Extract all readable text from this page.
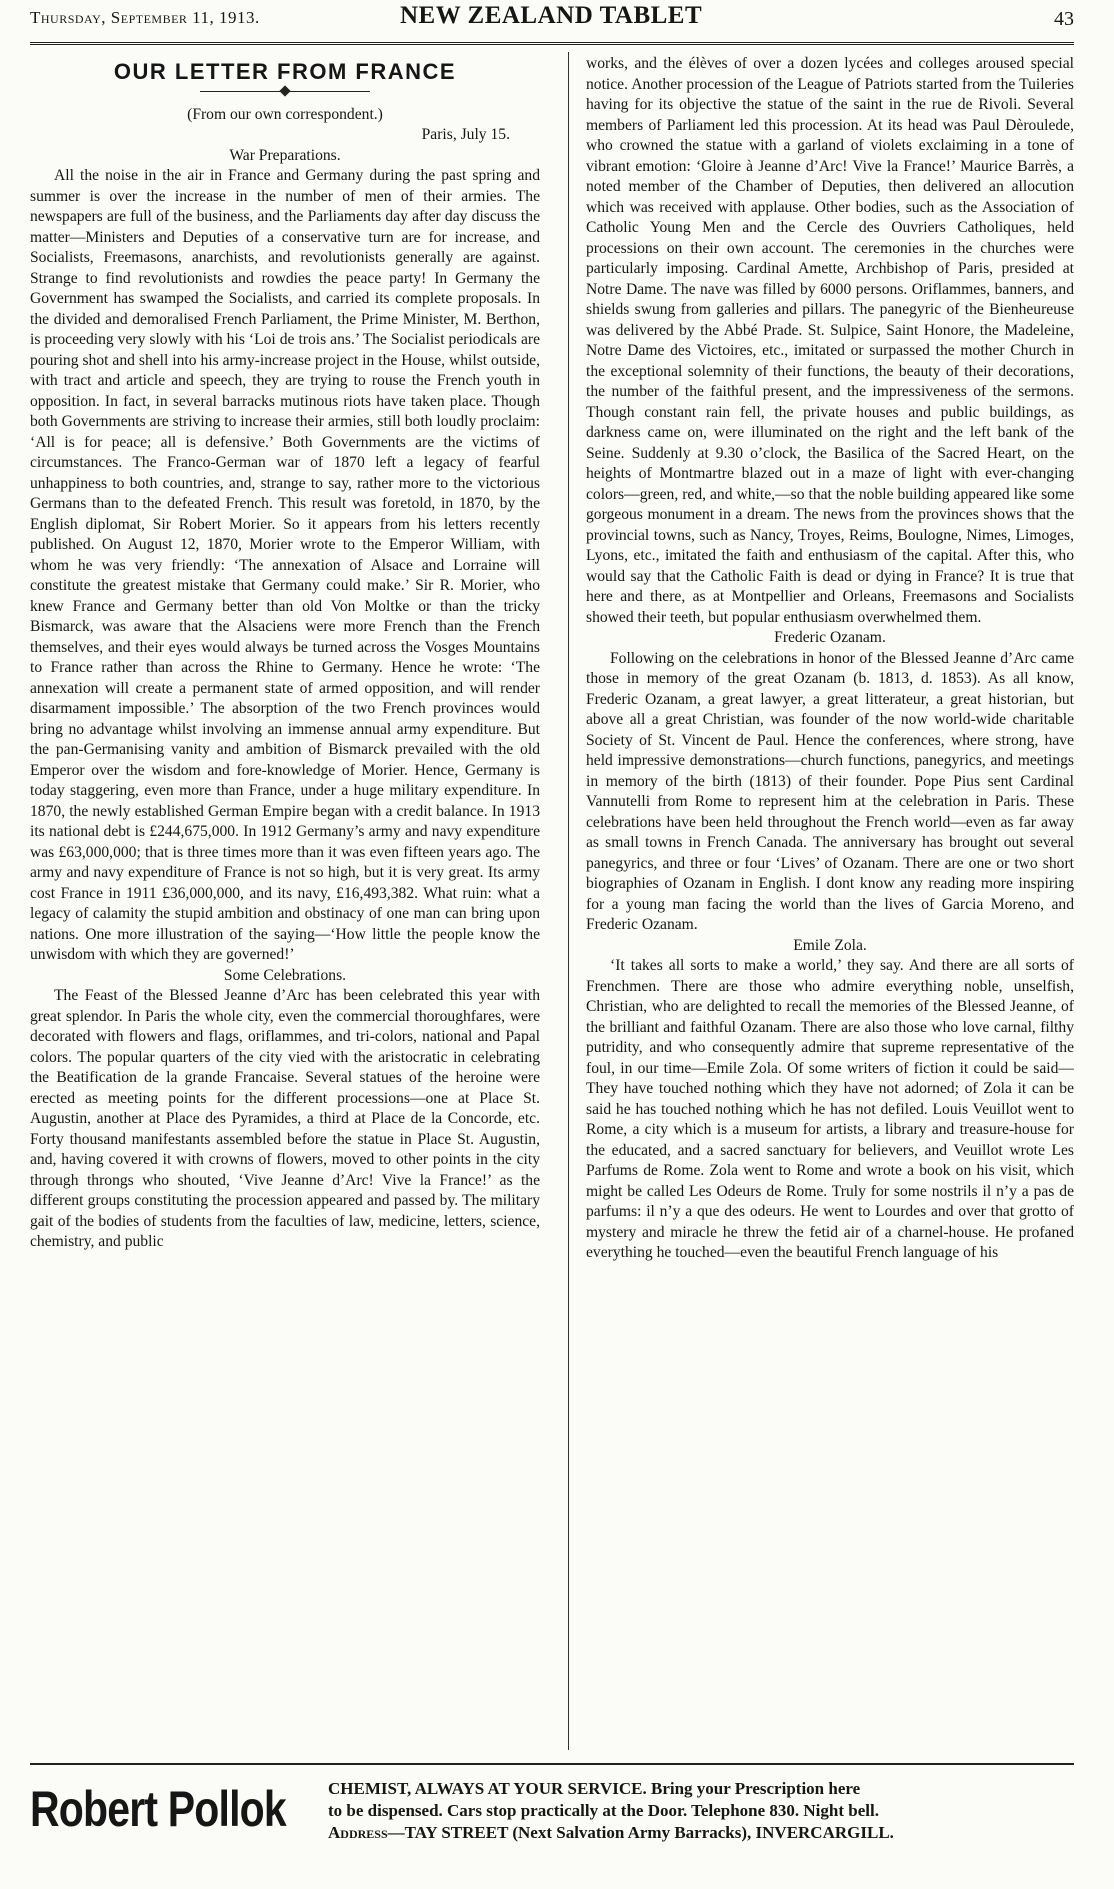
Thursday, September 11, 1913.	NEW ZEALAND TABLET	43
OUR LETTER FROM FRANCE

(From our own correspondent.)

Paris, July 15.

War Preparations.

All the noise in the air in France and Germany during the past spring and summer is over the increase in the number of men of their armies. The newspapers are full of the business, and the Parliaments day after day discuss the matter—Ministers and Deputies of a conservative turn are for increase, and Socialists, Freemasons, anarchists, and revolutionists generally are against. Strange to find revolutionists and rowdies the peace party! In Germany the Government has swamped the Socialists, and carried its complete proposals. In the divided and demoralised French Parliament, the Prime Minister, M. Berthon, is proceeding very slowly with his ‘Loi de trois ans.’ The Socialist periodicals are pouring shot and shell into his army-increase project in the House, whilst outside, with tract and article and speech, they are trying to rouse the French youth in opposition. In fact, in several barracks mutinous riots have taken place. Though both Governments are striving to increase their armies, still both loudly proclaim: ‘All is for peace; all is defensive.’ Both Governments are the victims of circumstances. The Franco-German war of 1870 left a legacy of fearful unhappiness to both countries, and, strange to say, rather more to the victorious Germans than to the defeated French. This result was foretold, in 1870, by the English diplomat, Sir Robert Morier. So it appears from his letters recently published. On August 12, 1870, Morier wrote to the Emperor William, with whom he was very friendly: ‘The annexation of Alsace and Lorraine will constitute the greatest mistake that Germany could make.’ Sir R. Morier, who knew France and Germany better than old Von Moltke or than the tricky Bismarck, was aware that the Alsaciens were more French than the French themselves, and their eyes would always be turned across the Vosges Mountains to France rather than across the Rhine to Germany. Hence he wrote: ‘The annexation will create a permanent state of armed opposition, and will render disarmament impossible.’ The absorption of the two French provinces would bring no advantage whilst involving an immense annual army expenditure. But the pan-Germanising vanity and ambition of Bismarck prevailed with the old Emperor over the wisdom and fore-knowledge of Morier. Hence, Germany is today staggering, even more than France, under a huge military expenditure. In 1870, the newly established German Empire began with a credit balance. In 1913 its national debt is £244,675,000. In 1912 Germany’s army and navy expenditure was £63,000,000; that is three times more than it was even fifteen years ago. The army and navy expenditure of France is not so high, but it is very great. Its army cost France in 1911 £36,000,000, and its navy, £16,493,382. What ruin: what a legacy of calamity the stupid ambition and obstinacy of one man can bring upon nations. One more illustration of the saying—‘How little the people know the unwisdom with which they are governed!’

Some Celebrations.

The Feast of the Blessed Jeanne d’Arc has been celebrated this year with great splendor. In Paris the whole city, even the commercial thoroughfares, were decorated with flowers and flags, oriflammes, and tri-colors, national and Papal colors. The popular quarters of the city vied with the aristocratic in celebrating the Beatification de la grande Francaise. Several statues of the heroine were erected as meeting points for the different processions—one at Place St. Augustin, another at Place des Pyramides, a third at Place de la Concorde, etc. Forty thousand manifestants assembled before the statue in Place St. Augustin, and, having covered it with crowns of flowers, moved to other points in the city through throngs who shouted, ‘Vive Jeanne d’Arc! Vive la France!’ as the different groups constituting the procession appeared and passed by. The military gait of the bodies of students from the faculties of law, medicine, letters, science, chemistry, and public

works, and the élèves of over a dozen lycées and colleges aroused special notice. Another procession of the League of Patriots started from the Tuileries having for its objective the statue of the saint in the rue de Rivoli. Several members of Parliament led this procession. At its head was Paul Dèroulede, who crowned the statue with a garland of violets exclaiming in a tone of vibrant emotion: ‘Gloire à Jeanne d’Arc! Vive la France!’ Maurice Barrès, a noted member of the Chamber of Deputies, then delivered an allocution which was received with applause. Other bodies, such as the Association of Catholic Young Men and the Cercle des Ouvriers Catholiques, held processions on their own account. The ceremonies in the churches were particularly imposing. Cardinal Amette, Archbishop of Paris, presided at Notre Dame. The nave was filled by 6000 persons. Oriflammes, banners, and shields swung from galleries and pillars. The panegyric of the Bienheureuse was delivered by the Abbé Prade. St. Sulpice, Saint Honore, the Madeleine, Notre Dame des Victoires, etc., imitated or surpassed the mother Church in the exceptional solemnity of their functions, the beauty of their decorations, the number of the faithful present, and the impressiveness of the sermons. Though constant rain fell, the private houses and public buildings, as darkness came on, were illuminated on the right and the left bank of the Seine. Suddenly at 9.30 o’clock, the Basilica of the Sacred Heart, on the heights of Montmartre blazed out in a maze of light with ever-changing colors—green, red, and white,—so that the noble building appeared like some gorgeous monument in a dream. The news from the provinces shows that the provincial towns, such as Nancy, Troyes, Reims, Boulogne, Nimes, Limoges, Lyons, etc., imitated the faith and enthusiasm of the capital. After this, who would say that the Catholic Faith is dead or dying in France? It is true that here and there, as at Montpellier and Orleans, Freemasons and Socialists showed their teeth, but popular enthusiasm overwhelmed them.

Frederic Ozanam.

Following on the celebrations in honor of the Blessed Jeanne d’Arc came those in memory of the great Ozanam (b. 1813, d. 1853). As all know, Frederic Ozanam, a great lawyer, a great litterateur, a great historian, but above all a great Christian, was founder of the now world-wide charitable Society of St. Vincent de Paul. Hence the conferences, where strong, have held impressive demonstrations—church functions, panegyrics, and meetings in memory of the birth (1813) of their founder. Pope Pius sent Cardinal Vannutelli from Rome to represent him at the celebration in Paris. These celebrations have been held throughout the French world—even as far away as small towns in French Canada. The anniversary has brought out several panegyrics, and three or four ‘Lives’ of Ozanam. There are one or two short biographies of Ozanam in English. I dont know any reading more inspiring for a young man facing the world than the lives of Garcia Moreno, and Frederic Ozanam.

Emile Zola.

‘It takes all sorts to make a world,’ they say. And there are all sorts of Frenchmen. There are those who admire everything noble, unselfish, Christian, who are delighted to recall the memories of the Blessed Jeanne, of the brilliant and faithful Ozanam. There are also those who love carnal, filthy putridity, and who consequently admire that supreme representative of the foul, in our time—Emile Zola. Of some writers of fiction it could be said— They have touched nothing which they have not adorned; of Zola it can be said he has touched nothing which he has not defiled. Louis Veuillot went to Rome, a city which is a museum for artists, a library and treasure-house for the educated, and a sacred sanctuary for believers, and Veuillot wrote Les Parfums de Rome. Zola went to Rome and wrote a book on his visit, which might be called Les Odeurs de Rome. Truly for some nostrils il n’y a pas de parfums: il n’y a que des odeurs. He went to Lourdes and over that grotto of mystery and miracle he threw the fetid air of a charnel-house. He profaned everything he touched—even the beautiful French language of his

Robert Pollok CHEMIST, ALWAYS AT YOUR SERVICE. Bring your Prescription here
to be dispensed. Cars stop practically at the Door. Telephone 830. Night bell.
Address—TAY STREET (Next Salvation Army Barracks), INVERCARGILL.
